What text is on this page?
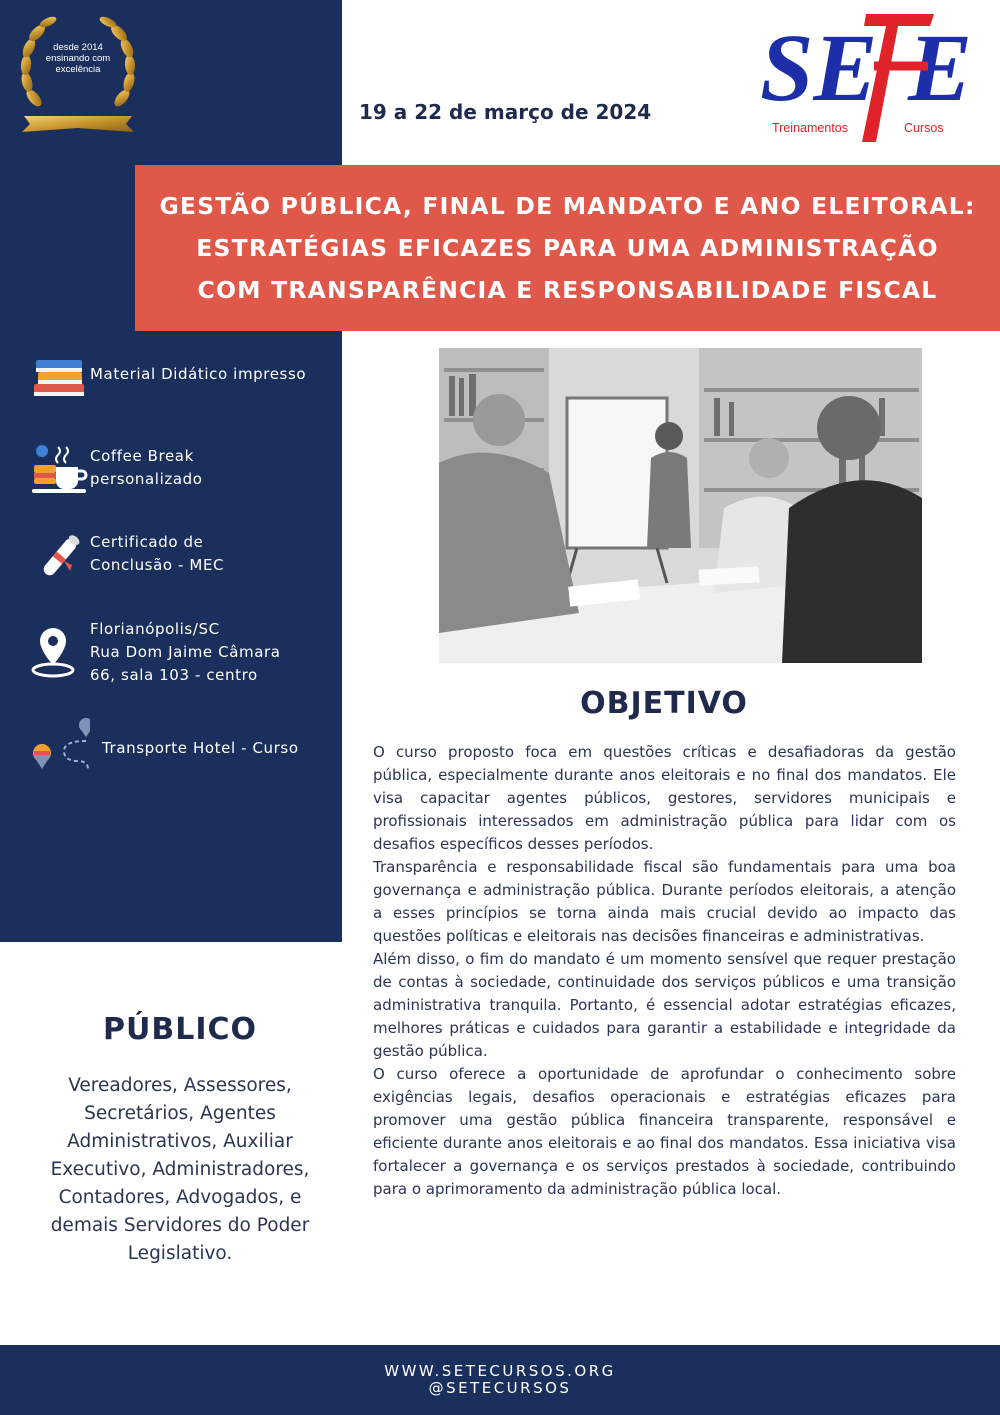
desde 2014
ensinando com
excelência
Material Didático impresso
Coffee Break
personalizado
Certificado de
Conclusão - MEC
Florianópolis/SC
Rua Dom Jaime Câmara
66, sala 103 - centro
Transporte Hotel - Curso
19 a 22 de março de 2024 SE E
Treinamentos	Cursos
GESTÃO PÚBLICA, FINAL DE MANDATO E ANO ELEITORAL:
ESTRATÉGIAS EFICAZES PARA UMA ADMINISTRAÇÃO
COM TRANSPARÊNCIA E RESPONSABILIDADE FISCAL
OBJETIVO

O curso proposto foca em questões críticas e desafiadoras da gestão pública, especialmente durante anos eleitorais e no final dos mandatos. Ele visa capacitar agentes públicos, gestores, servidores municipais e profissionais interessados em administração pública para lidar com os desafios específicos desses períodos.

Transparência e responsabilidade fiscal são fundamentais para uma boa governança e administração pública. Durante períodos eleitorais, a atenção a esses princípios se torna ainda mais crucial devido ao impacto das questões políticas e eleitorais nas decisões financeiras e administrativas.

Além disso, o fim do mandato é um momento sensível que requer prestação de contas à sociedade, continuidade dos serviços públicos e uma transição administrativa tranquila. Portanto, é essencial adotar estratégias eficazes, melhores práticas e cuidados para garantir a estabilidade e integridade da gestão pública.

O curso oferece a oportunidade de aprofundar o conhecimento sobre exigências legais, desafios operacionais e estratégias eficazes para promover uma gestão pública financeira transparente, responsável e eficiente durante anos eleitorais e ao final dos mandatos. Essa iniciativa visa fortalecer a governança e os serviços prestados à sociedade, contribuindo para o aprimoramento da administração pública local.

PÚBLICO
Vereadores, Assessores, Secretários, Agentes Administrativos, Auxiliar Executivo, Administradores, Contadores, Advogados, e demais Servidores do Poder Legislativo.
WWW.SETECURSOS.ORG
@SETECURSOS
